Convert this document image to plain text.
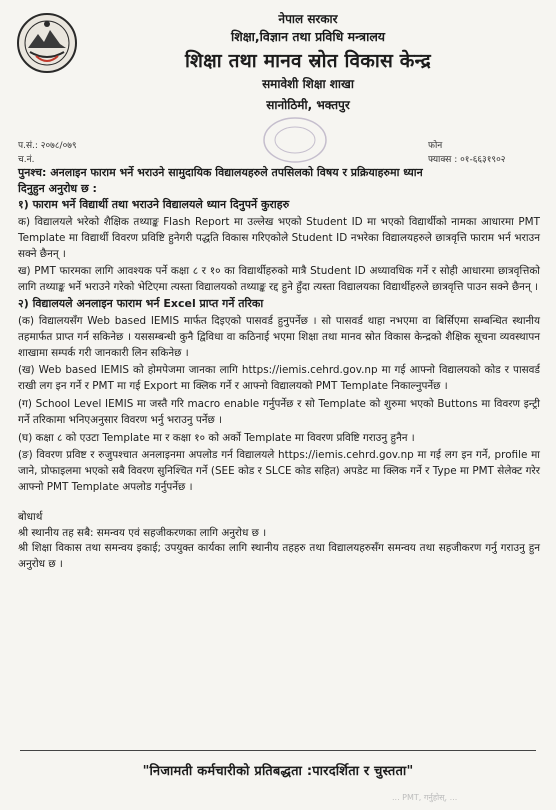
नेपाल सरकार
शिक्षा,विज्ञान तथा प्रविधि मन्त्रालय
शिक्षा तथा मानव स्रोत विकास केन्द्र
समावेशी शिक्षा शाखा
सानोठिमी, भक्तपुर
प.सं.: २०७८/०७९
च.नं.
फोन
फ्याक्स : ०१-६६३१९०२

पुनश्च: अनलाइन फाराम भर्ने भराउने सामुदायिक विद्यालयहरुले तपसिलको विषय र प्रक्रियाहरुमा ध्यान

दिनुहुन अनुरोध छ :

१) फाराम भर्ने विद्यार्थी तथा भराउने विद्यालयले ध्यान दिनुपर्ने कुराहरु

क) विद्यालयले भरेको शैक्षिक तथ्याङ्क Flash Report मा उल्लेख भएको Student ID मा भएको विद्यार्थीको नामका आधारमा PMT Template मा विद्यार्थी विवरण प्रविष्टि हुनेगरी पद्धति विकास गरिएकोले Student ID नभरेका विद्यालयहरुले छात्रवृत्ति फाराम भर्न भराउन सक्ने छैनन् ।

ख) PMT फारमका लागि आवश्यक पर्ने कक्षा ८ र १० का विद्यार्थीहरुको मात्रै Student ID अध्यावधिक गर्ने र सोही आधारमा छात्रवृत्तिको लागि तथ्याङ्क भर्ने भराउने गरेको भेटिएमा त्यस्ता विद्यालयको तथ्याङ्क रद्द हुने हुँदा त्यस्ता विद्यालयका विद्यार्थीहरुले छात्रवृत्ति पाउन सक्ने छैनन् ।

२) विद्यालयले अनलाइन फाराम भर्न Excel प्राप्त गर्ने तरिका

(क) विद्यालयसँग Web based IEMIS मार्फत दिइएको पासवर्ड हुनुपर्नेछ । सो पासवर्ड थाहा नभएमा वा बिर्सिएमा सम्बन्धित स्थानीय तहमार्फत प्राप्त गर्न सकिनेछ । यससम्बन्धी कुनै द्विविधा वा कठिनाई भएमा शिक्षा तथा मानव स्रोत विकास केन्द्रको शैक्षिक सूचना व्यवस्थापन शाखामा सम्पर्क गरी जानकारी लिन सकिनेछ ।

(ख) Web based IEMIS को होमपेजमा जानका लागि https://iemis.cehrd.gov.np मा गई आफ्नो विद्यालयको कोड र पासवर्ड राखी लग इन गर्ने र PMT मा गई Export मा क्लिक गर्ने र आफ्नो विद्यालयको PMT Template निकाल्नुपर्नेछ ।

(ग) School Level IEMIS मा जस्तै गरि macro enable गर्नुपर्नेछ र सो Template को शुरुमा भएको Buttons मा विवरण इन्ट्री गर्ने तरिकामा भनिएअनुसार विवरण भर्नु भराउनु पर्नेछ ।

(घ) कक्षा ८ को एउटा Template मा र कक्षा १० को अर्को Template मा विवरण प्रविष्टि गराउनु हुनैन ।

(ङ) विवरण प्रविष्ट र रुजुपश्चात अनलाइनमा अपलोड गर्न विद्यालयले https://iemis.cehrd.gov.np मा गई लग इन गर्ने, profile मा जाने, प्रोफाइलमा भएको सबै विवरण सुनिश्चित गर्ने (SEE कोड र SLCE कोड सहित) अपडेट मा क्लिक गर्ने र Type मा PMT सेलेक्ट गरेर आफ्नो PMT Template अपलोड गर्नुपर्नेछ ।

बोधार्थ

श्री स्थानीय तह सबै: समन्वय एवं सहजीकरणका लागि अनुरोध छ ।

श्री शिक्षा विकास तथा समन्वय इकाई; उपयुक्त कार्यका लागि स्थानीय तहहरु तथा विद्यालयहरुसँग समन्वय तथा सहजीकरण गर्नु गराउनु हुन अनुरोध छ ।

"निजामती कर्मचारीको प्रतिबद्धता :पारदर्शिता र चुस्तता"
... PMT, गर्नुहोस्, ...
